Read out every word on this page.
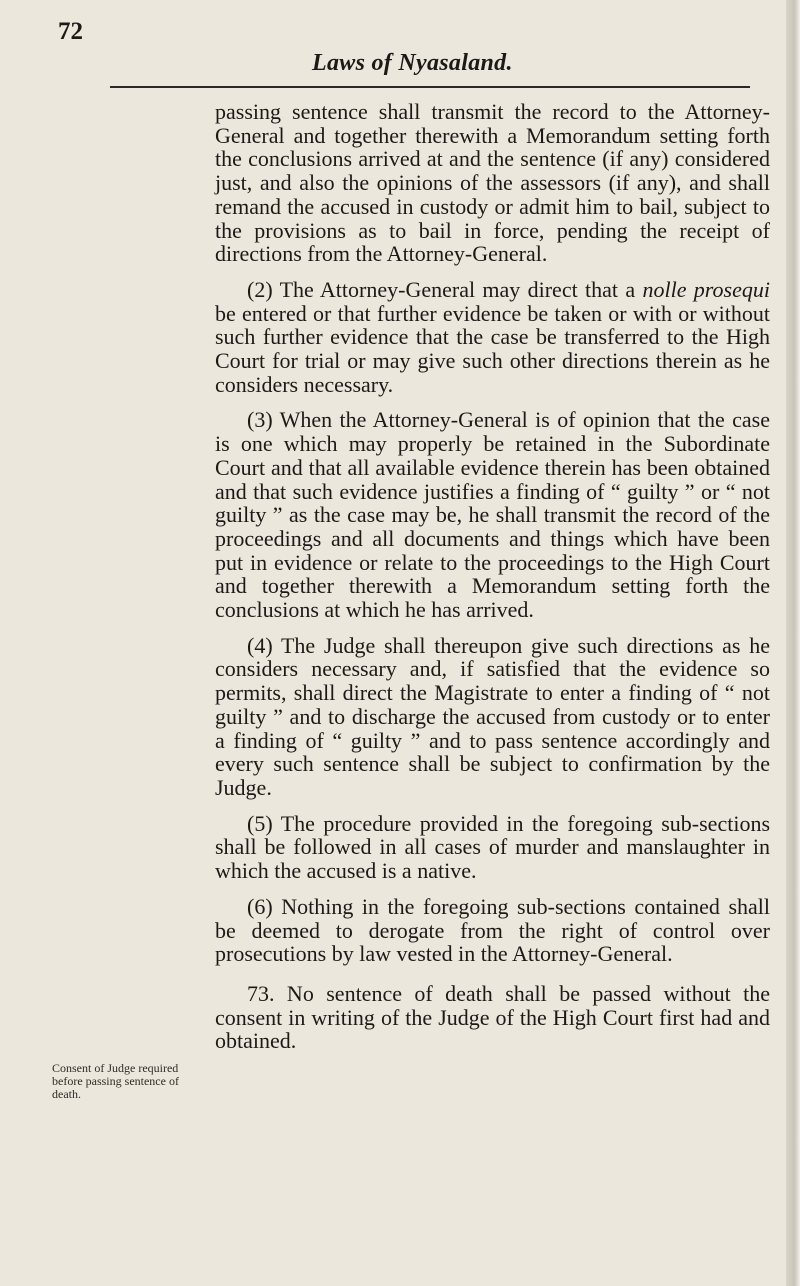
72
Laws of Nyasaland.

passing sentence shall transmit the record to the Attorney-General and together therewith a Memorandum setting forth the conclusions arrived at and the sentence (if any) considered just, and also the opinions of the assessors (if any), and shall remand the accused in custody or admit him to bail, subject to the provisions as to bail in force, pending the receipt of directions from the Attorney-General.

(2) The Attorney-General may direct that a nolle prosequi be entered or that further evidence be taken or with or without such further evidence that the case be transferred to the High Court for trial or may give such other directions therein as he considers necessary.

(3) When the Attorney-General is of opinion that the case is one which may properly be retained in the Subordinate Court and that all available evidence therein has been obtained and that such evidence justifies a finding of “ guilty ” or “ not guilty ” as the case may be, he shall transmit the record of the proceedings and all documents and things which have been put in evidence or relate to the proceedings to the High Court and together therewith a Memorandum setting forth the conclusions at which he has arrived.

(4) The Judge shall thereupon give such directions as he considers necessary and, if satisfied that the evidence so permits, shall direct the Magistrate to enter a finding of “ not guilty ” and to discharge the accused from custody or to enter a finding of “ guilty ” and to pass sentence accordingly and every such sentence shall be subject to confirmation by the Judge.

(5) The procedure provided in the foregoing sub-sections shall be followed in all cases of murder and manslaughter in which the accused is a native.

(6) Nothing in the foregoing sub-sections contained shall be deemed to derogate from the right of control over prosecutions by law vested in the Attorney-General.

73. No sentence of death shall be passed without the consent in writing of the Judge of the High Court first had and obtained.

Consent of Judge required before passing sentence of death.
